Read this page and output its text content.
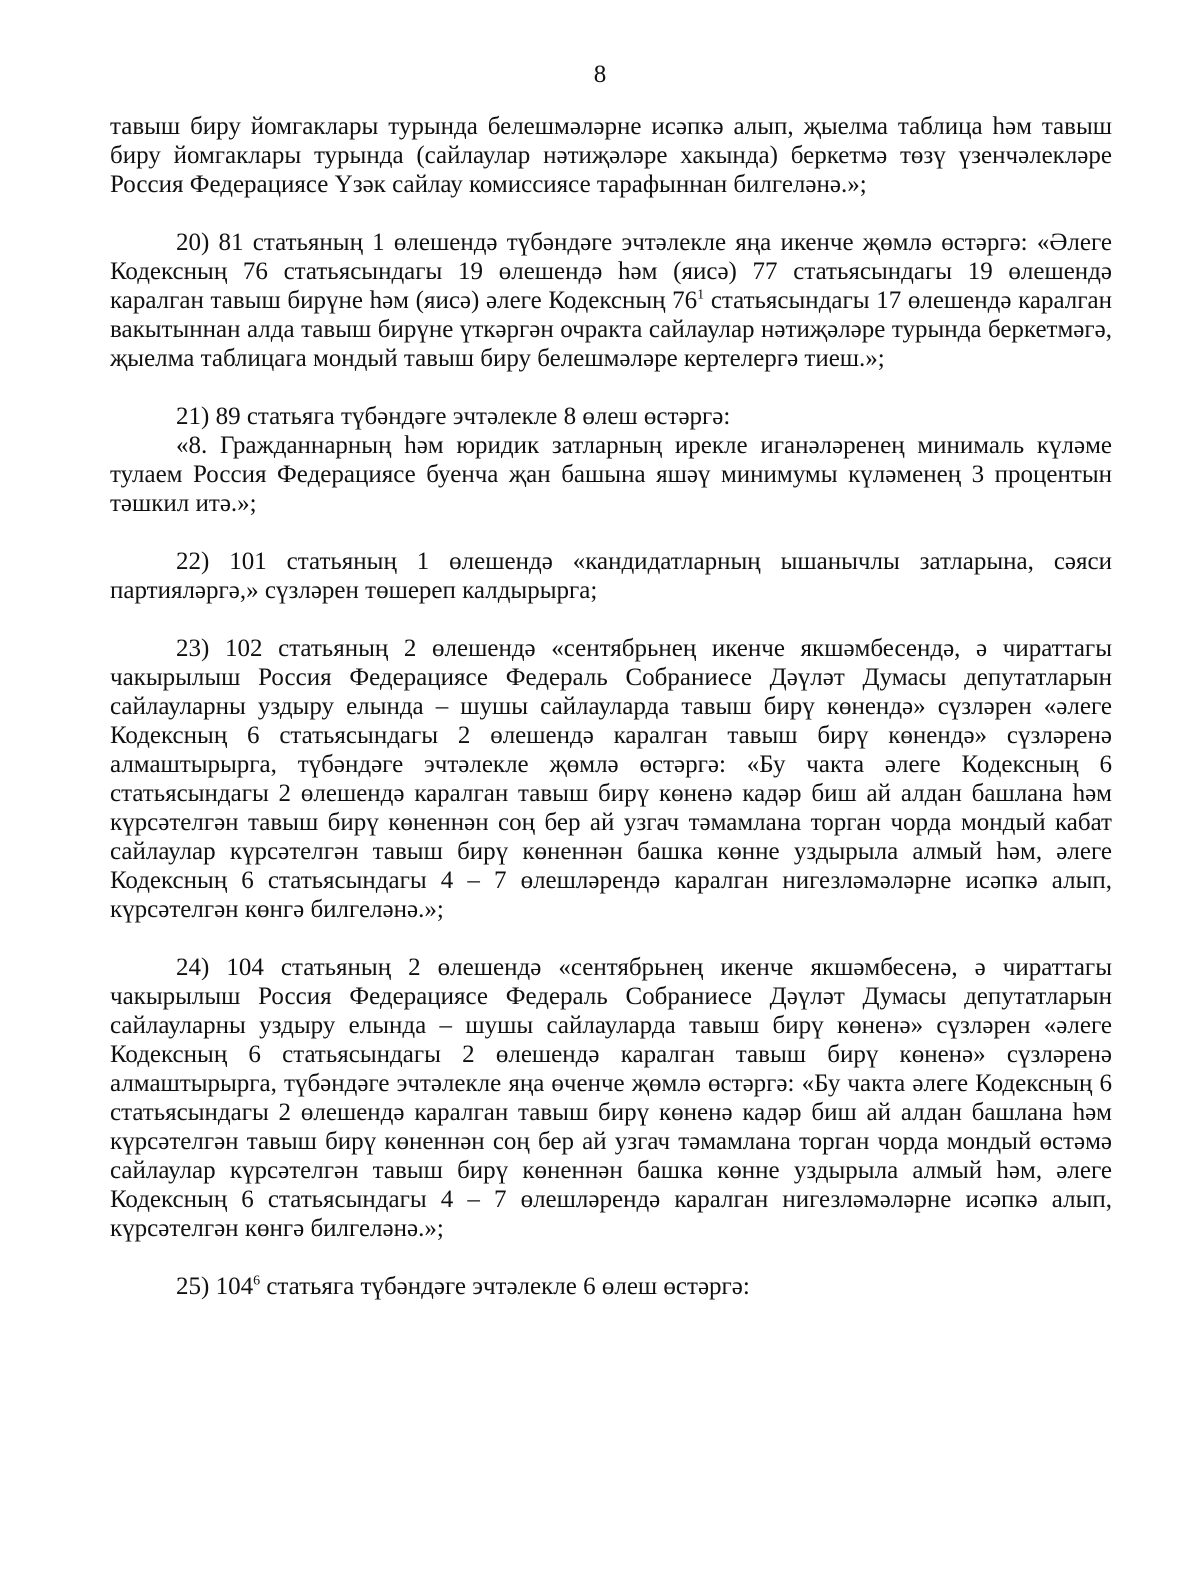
8

тавыш биру йомгаклары турында белешмәләрне исәпкә алып, җыелма таблица һәм тавыш биру йомгаклары турында (сайлаулар нәтиҗәләре хакында) беркетмә төзү үзенчәлекләре Россия Федерациясе Үзәк сайлау комиссиясе тарафыннан билгеләнә.»;

20) 81 статьяның 1 өлешендә түбәндәге эчтәлекле яңа икенче җөмлә өстәргә: «Әлеге Кодексның 76 статьясындагы 19 өлешендә һәм (яисә) 77 статьясындагы 19 өлешендә каралган тавыш бирүне һәм (яисә) әлеге Кодексның $76^1$ статьясындагы 17 өлешендә каралган вакытыннан алда тавыш бирүне үткәргән очракта сайлаулар нәтиҗәләре турында беркетмәгә, җыелма таблицага мондый тавыш биру белешмәләре кертелергә тиеш.»;

21) 89 статьяга түбәндәге эчтәлекле 8 өлеш өстәргә:

«8. Гражданнарның һәм юридик затларның ирекле иганәләренең минималь күләме тулаем Россия Федерациясе буенча җан башына яшәү минимумы күләменең 3 процентын тәшкил итә.»;

22) 101 статьяның 1 өлешендә «кандидатларның ышанычлы затларына, сәяси партияләргә,» сүзләрен төшереп калдырырга;

23) 102 статьяның 2 өлешендә «сентябрьнең икенче якшәмбесендә, ә чираттагы чакырылыш Россия Федерациясе Федераль Собраниесе Дәүләт Думасы депутатларын сайлауларны уздыру елында – шушы сайлауларда тавыш бирү көнендә» сүзләрен «әлеге Кодексның 6 статьясындагы 2 өлешендә каралган тавыш бирү көнендә» сүзләренә алмаштырырга, түбәндәге эчтәлекле җөмлә өстәргә: «Бу чакта әлеге Кодексның 6 статьясындагы 2 өлешендә каралган тавыш бирү көненә кадәр биш ай алдан башлана һәм күрсәтелгән тавыш бирү көненнән соң бер ай узгач тәмамлана торган чорда мондый кабат сайлаулар күрсәтелгән тавыш бирү көненнән башка көнне уздырыла алмый һәм, әлеге Кодексның 6 статьясындагы 4 – 7 өлешләрендә каралган нигезләмәләрне исәпкә алып, күрсәтелгән көнгә билгеләнә.»;

24) 104 статьяның 2 өлешендә «сентябрьнең икенче якшәмбесенә, ә чираттагы чакырылыш Россия Федерациясе Федераль Собраниесе Дәүләт Думасы депутатларын сайлауларны уздыру елында – шушы сайлауларда тавыш бирү көненә» сүзләрен «әлеге Кодексның 6 статьясындагы 2 өлешендә каралган тавыш бирү көненә» сүзләренә алмаштырырга, түбәндәге эчтәлекле яңа өченче җөмлә өстәргә: «Бу чакта әлеге Кодексның 6 статьясындагы 2 өлешендә каралган тавыш бирү көненә кадәр биш ай алдан башлана һәм күрсәтелгән тавыш бирү көненнән соң бер ай узгач тәмамлана торган чорда мондый өстәмә сайлаулар күрсәтелгән тавыш бирү көненнән башка көнне уздырыла алмый һәм, әлеге Кодексның 6 статьясындагы 4 – 7 өлешләрендә каралган нигезләмәләрне исәпкә алып, күрсәтелгән көнгә билгеләнә.»;

25) $104^6$ статьяга түбәндәге эчтәлекле 6 өлеш өстәргә:
